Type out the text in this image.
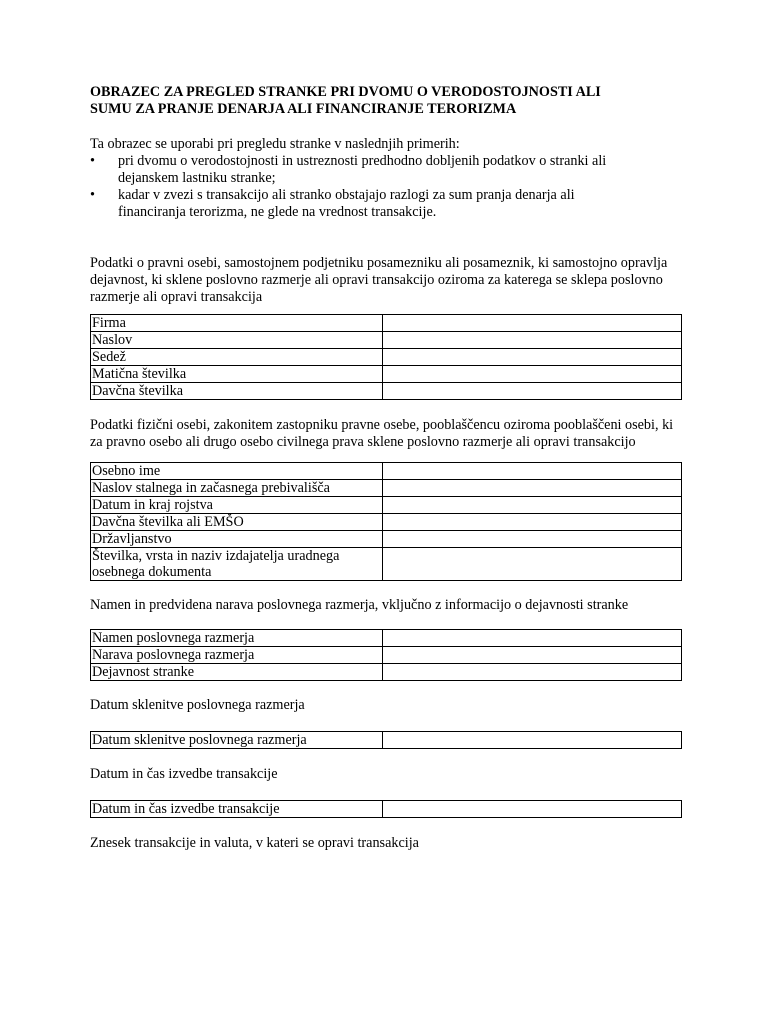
OBRAZEC ZA PREGLED STRANKE PRI DVOMU O VERODOSTOJNOSTI ALI
SUMU ZA PRANJE DENARJA ALI FINANCIRANJE TERORIZMA

Ta obrazec se uporabi pri pregledu stranke v naslednjih primerih:

• pri dvomu o verodostojnosti in ustreznosti predhodno dobljenih podatkov o stranki ali dejanskem lastniku stranke;
• kadar v zvezi s transakcijo ali stranko obstajajo razlogi za sum pranja denarja ali financiranja terorizma, ne glede na vrednost transakcije.

Podatki o pravni osebi, samostojnem podjetniku posamezniku ali posameznik, ki samostojno opravlja dejavnost, ki sklene poslovno razmerje ali opravi transakcijo oziroma za katerega se sklepa poslovno razmerje ali opravi transakcija

Firma	
Naslov	
Sedež	
Matična številka	
Davčna številka	

Podatki fizični osebi, zakonitem zastopniku pravne osebe, pooblaščencu oziroma pooblaščeni osebi, ki za pravno osebo ali drugo osebo civilnega prava sklene poslovno razmerje ali opravi transakcijo

Osebno ime	
Naslov stalnega in začasnega prebivališča	
Datum in kraj rojstva	
Davčna številka ali EMŠO	
Državljanstvo	
Številka, vrsta in naziv izdajatelja uradnega osebnega dokumenta	

Namen in predvidena narava poslovnega razmerja, vključno z informacijo o dejavnosti stranke

Namen poslovnega razmerja	
Narava poslovnega razmerja	
Dejavnost stranke	

Datum sklenitve poslovnega razmerja

Datum sklenitve poslovnega razmerja	

Datum in čas izvedbe transakcije

Datum in čas izvedbe transakcije	

Znesek transakcije in valuta, v kateri se opravi transakcija
